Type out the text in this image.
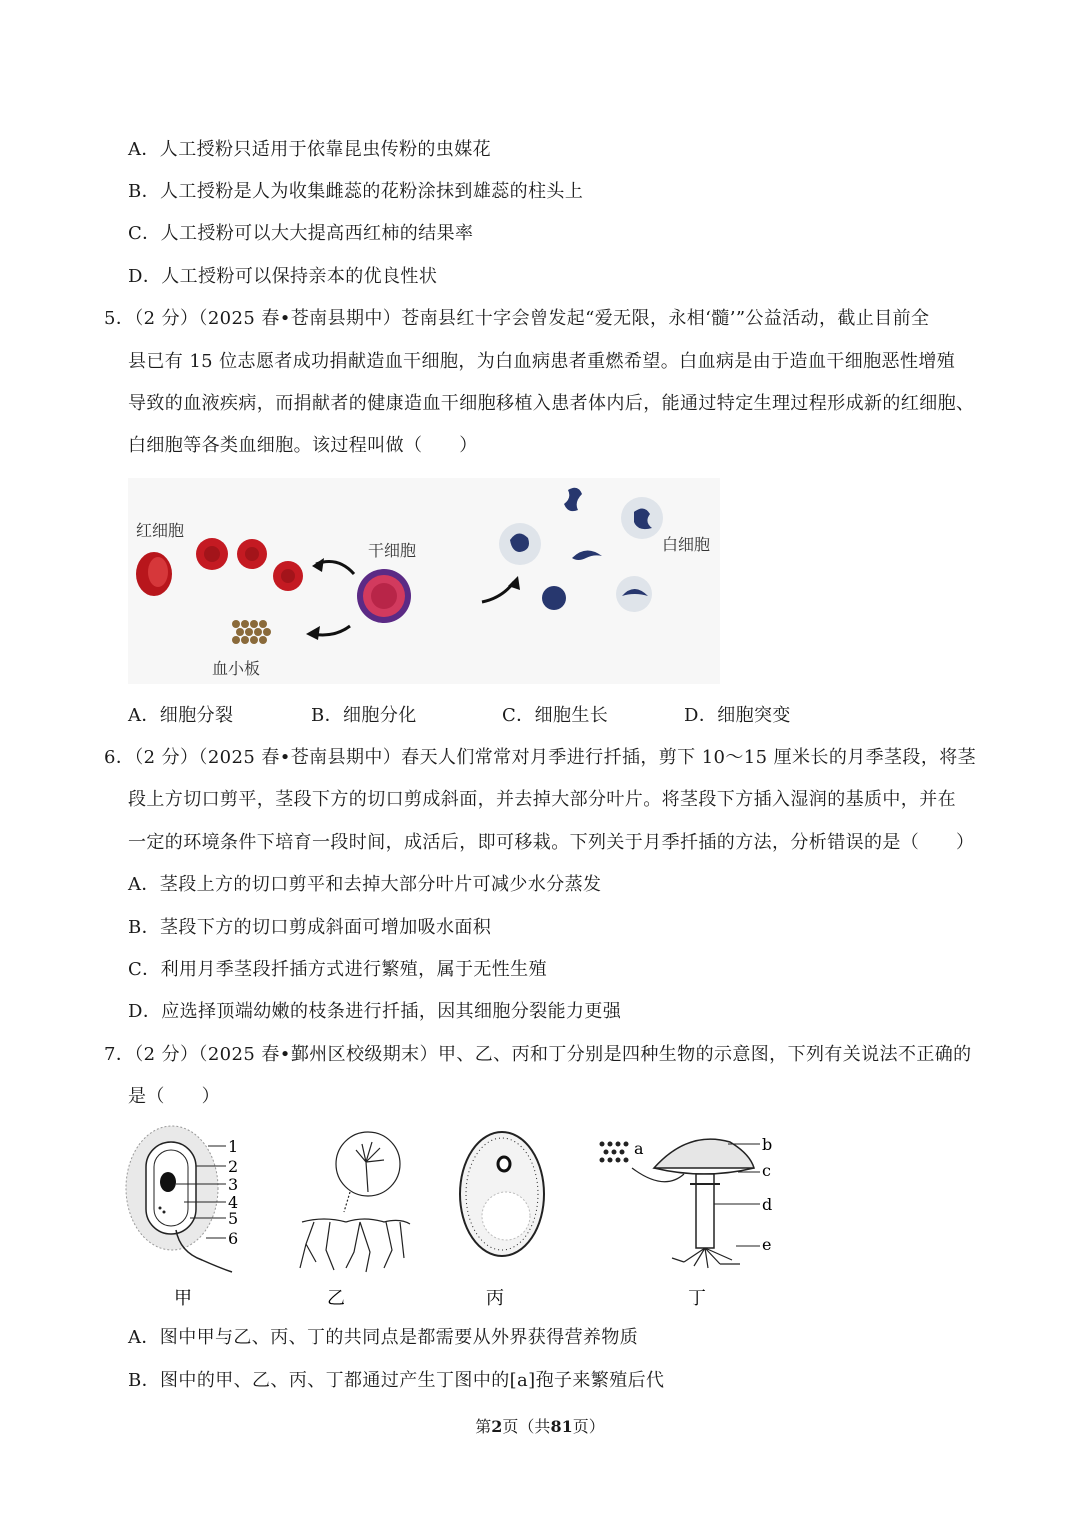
A．人工授粉只适用于依靠昆虫传粉的虫媒花
B．人工授粉是人为收集雌蕊的花粉涂抹到雄蕊的柱头上
C．人工授粉可以大大提高西红柿的结果率
D．人工授粉可以保持亲本的优良性状
5．（2 分）（2025 春•苍南县期中）苍南县红十字会曾发起“爱无限，永相‘髓’”公益活动，截止目前全
县已有 15 位志愿者成功捐献造血干细胞，为白血病患者重燃希望。白血病是由于造血干细胞恶性增殖
导致的血液疾病，而捐献者的健康造血干细胞移植入患者体内后，能通过特定生理过程形成新的红细胞、
白细胞等各类血细胞。该过程叫做（　　）
红细胞
干细胞
血小板
白细胞
A．细胞分裂	B．细胞分化	C．细胞生长	D．细胞突变
6．（2 分）（2025 春•苍南县期中）春天人们常常对月季进行扦插，剪下 10～15 厘米长的月季茎段，将茎
段上方切口剪平，茎段下方的切口剪成斜面，并去掉大部分叶片。将茎段下方插入湿润的基质中，并在
一定的环境条件下培育一段时间，成活后，即可移栽。下列关于月季扦插的方法，分析错误的是（　　）
A．茎段上方的切口剪平和去掉大部分叶片可减少水分蒸发
B．茎段下方的切口剪成斜面可增加吸水面积
C．利用月季茎段扦插方式进行繁殖，属于无性生殖
D．应选择顶端幼嫩的枝条进行扦插，因其细胞分裂能力更强
7．（2 分）（2025 春•鄞州区校级期末）甲、乙、丙和丁分别是四种生物的示意图，下列有关说法不正确的
是（　　）
1
2
3
4
5
6
a	b
c
d
e
甲	乙	丙	丁
A．图中甲与乙、丙、丁的共同点是都需要从外界获得营养物质
B．图中的甲、乙、丙、丁都通过产生丁图中的[a]孢子来繁殖后代
第2页（共81页）
